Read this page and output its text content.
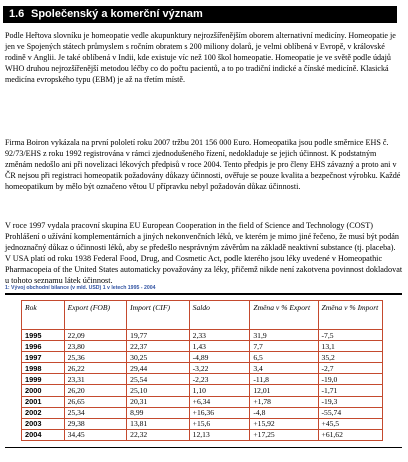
1.6 Společenský a komerční význam

Podle Heřtova slovníku je homeopatie vedle akupunktury nejrozšířenějším oborem alternativní medicíny. Homeopatie je jen ve Spojených státech průmyslem s ročním obratem s 200 miliony dolarů, je velmi oblíbená v Evropě, v královské rodině v Anglii. Je také oblíbená v Indii, kde existuje víc než 100 škol homeopatie. Homeopatie je ve světě podle údajů WHO druhou nejrozšířenější metodou léčby co do počtu pacientů, a to po tradiční indické a čínské medicíně. Klasická medicína evropského typu (EBM) je až na třetím místě.

Firma Boiron vykázala na první pololetí roku 2007 tržbu 201 156 000 Euro. Homeopatika jsou podle směrnice EHS č. 92/73/EHS z roku 1992 registrována v rámci zjednodušeného řízení, nedokladuje se jejich účinnost. K podstatným změnám nedošlo ani při novelizaci lékových předpisů v roce 2004. Tento předpis je pro členy EHS závazný a proto ani v ČR nejsou při registraci homeopatik požadovány důkazy účinnosti, ověřuje se pouze kvalita a bezpečnost výrobku. Každé homeopatikum by mělo být označeno větou U přípravku nebyl požadován důkaz účinnosti.

V roce 1997 vydala pracovní skupina EU European Cooperation in the field of Science and Technology (COST) Prohlášení o užívání komplementárních a jiných nekonvenčních léků, ve kterém je mimo jiné řečeno, že musí být podán jednoznačný důkaz o účinnosti léků, aby se předešlo nesprávným závěrům na základě neaktivní substance (tj. placeba). V USA platí od roku 1938 Federal Food, Drug, and Cosmetic Act, podle kterého jsou léky uvedené v Homeopathic Pharmacopeia of the United States automaticky považovány za léky, přičemž nikde není zakotvena povinnost dokladovat u tohoto seznamu látek účinnost.

1: Vývoj obchodní bilance (v mld. USD) 1 v letech 1995 - 2004
Rok	Export (FOB)	Import (CIF)	Saldo	Změna v % Export	Změna v % Import
1995	22,09	19,77	2,33	31,9	-7,5
1996	23,80	22,37	1,43	7,7	13,1
1997	25,36	30,25	-4,89	6,5	35,2
1998	26,22	29,44	-3,22	3,4	-2,7
1999	23,31	25,54	-2,23	-11,8	-19,0
2000	26,20	25,10	1,10	12,01	-1,71
2001	26,65	20,31	+6,34	+1,78	-19,3
2002	25,34	8,99	+16,36	-4,8	-55,74
2003	29,38	13,81	+15,6	+15,92	+45,5
2004	34,45	22,32	12,13	+17,25	+61,62
